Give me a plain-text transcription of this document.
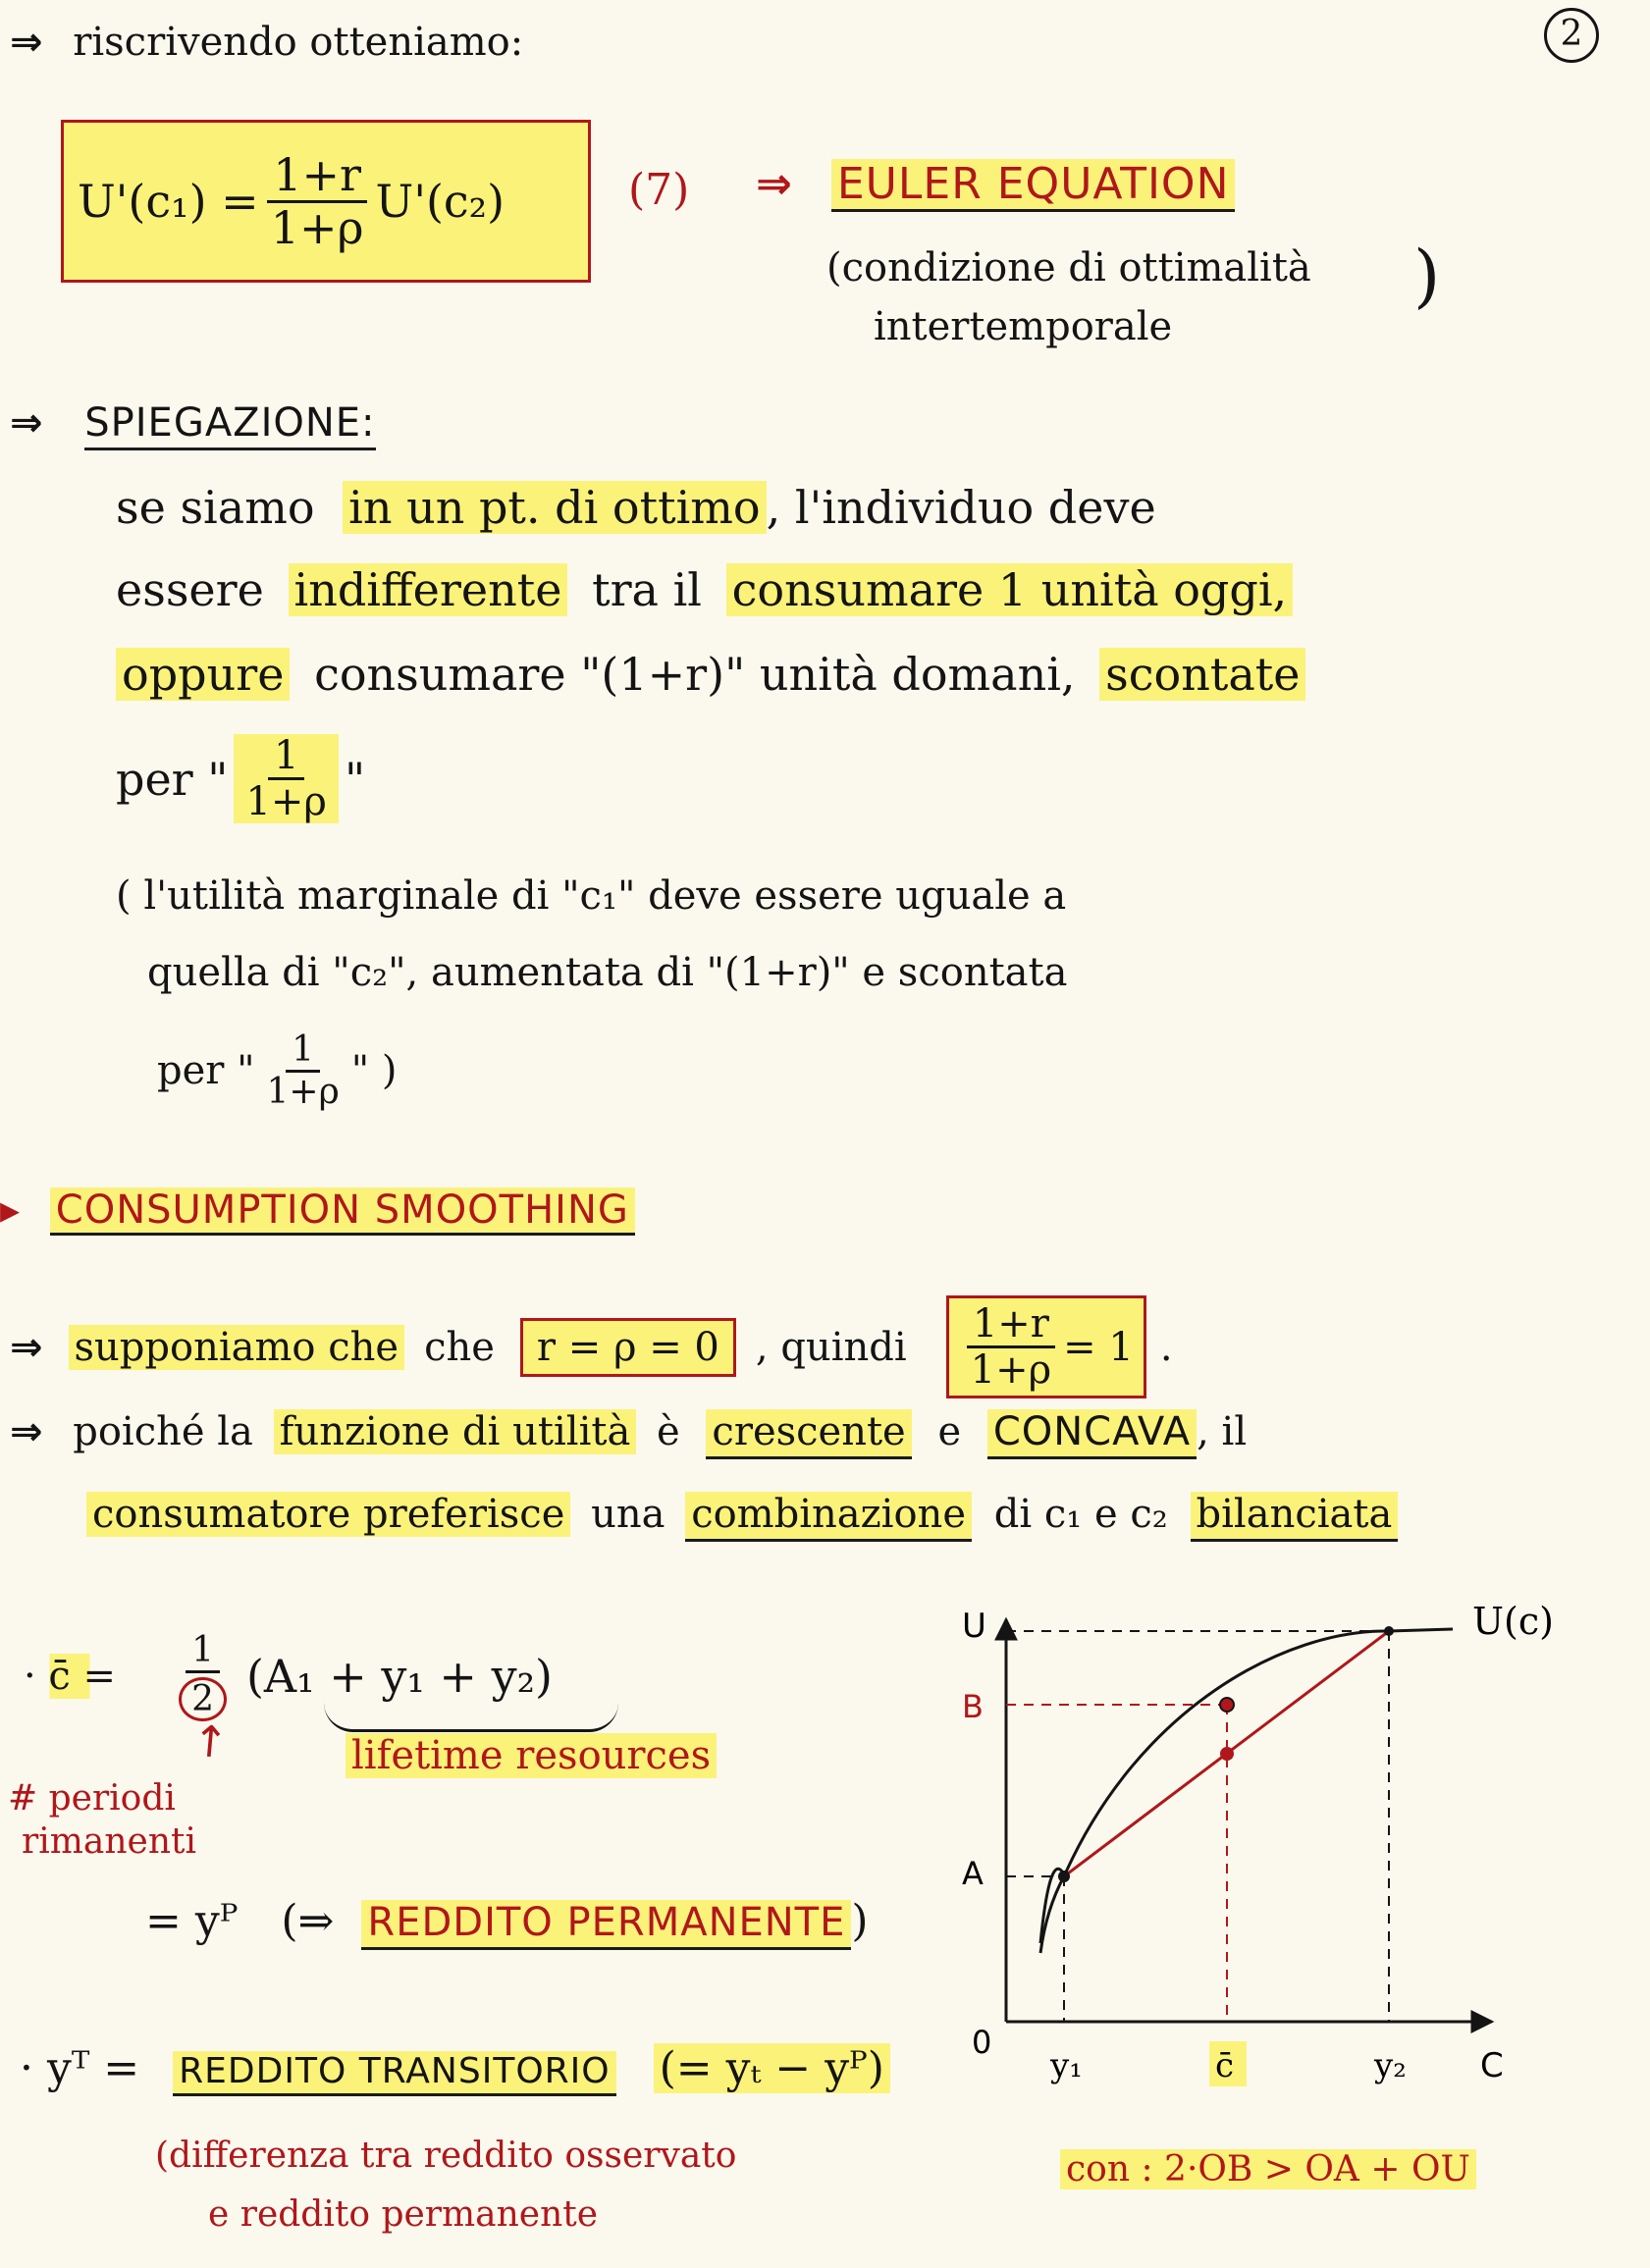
2
⇒ riscrivendo otteniamo:
$U'(c_1) = \frac{1+r}{1+\rho} U'(c_2)$	(7) ⇒ EULER EQUATION
(condizione di ottimalità )
intertemporale
⇒ SPIEGAZIONE:
se siamo in un pt. di ottimo , l'individuo deve
essere indifferente tra il consumare 1 unità oggi,
oppure consumare "(1+r)" unità domani, scontate
per " $\frac{1}{1+\rho}$ "
( l'utilità marginale di "c₁" deve essere uguale a
quella di "c₂", aumentata di "(1+r)" e scontata
per " $\frac{1}{1+\rho}$ " )
▸ CONSUMPTION SMOOTHING
⇒ supponiamo che che	r = ρ = 0 , quindi $\frac{1+r}{1+\rho} = 1$ .
⇒ poiché la funzione di utilità è crescente e CONCAVA , il
consumatore preferisce una combinazione di c₁ e c₂ bilanciata
· c̄ = $\frac{1}{2} (A_1 + y_1 + y_2)$
lifetime resources
↗
# periodi
rimanenti
= yᴾ (⇒ REDDITO PERMANENTE )
· yᵀ = REDDITO TRANSITORIO (= yₜ − yᴾ)
(differenza tra reddito osservato
e reddito permanente
U	U(c)
B
A
0
y₁	c̄	y₂ C
con : 2·OB > OA + OU
